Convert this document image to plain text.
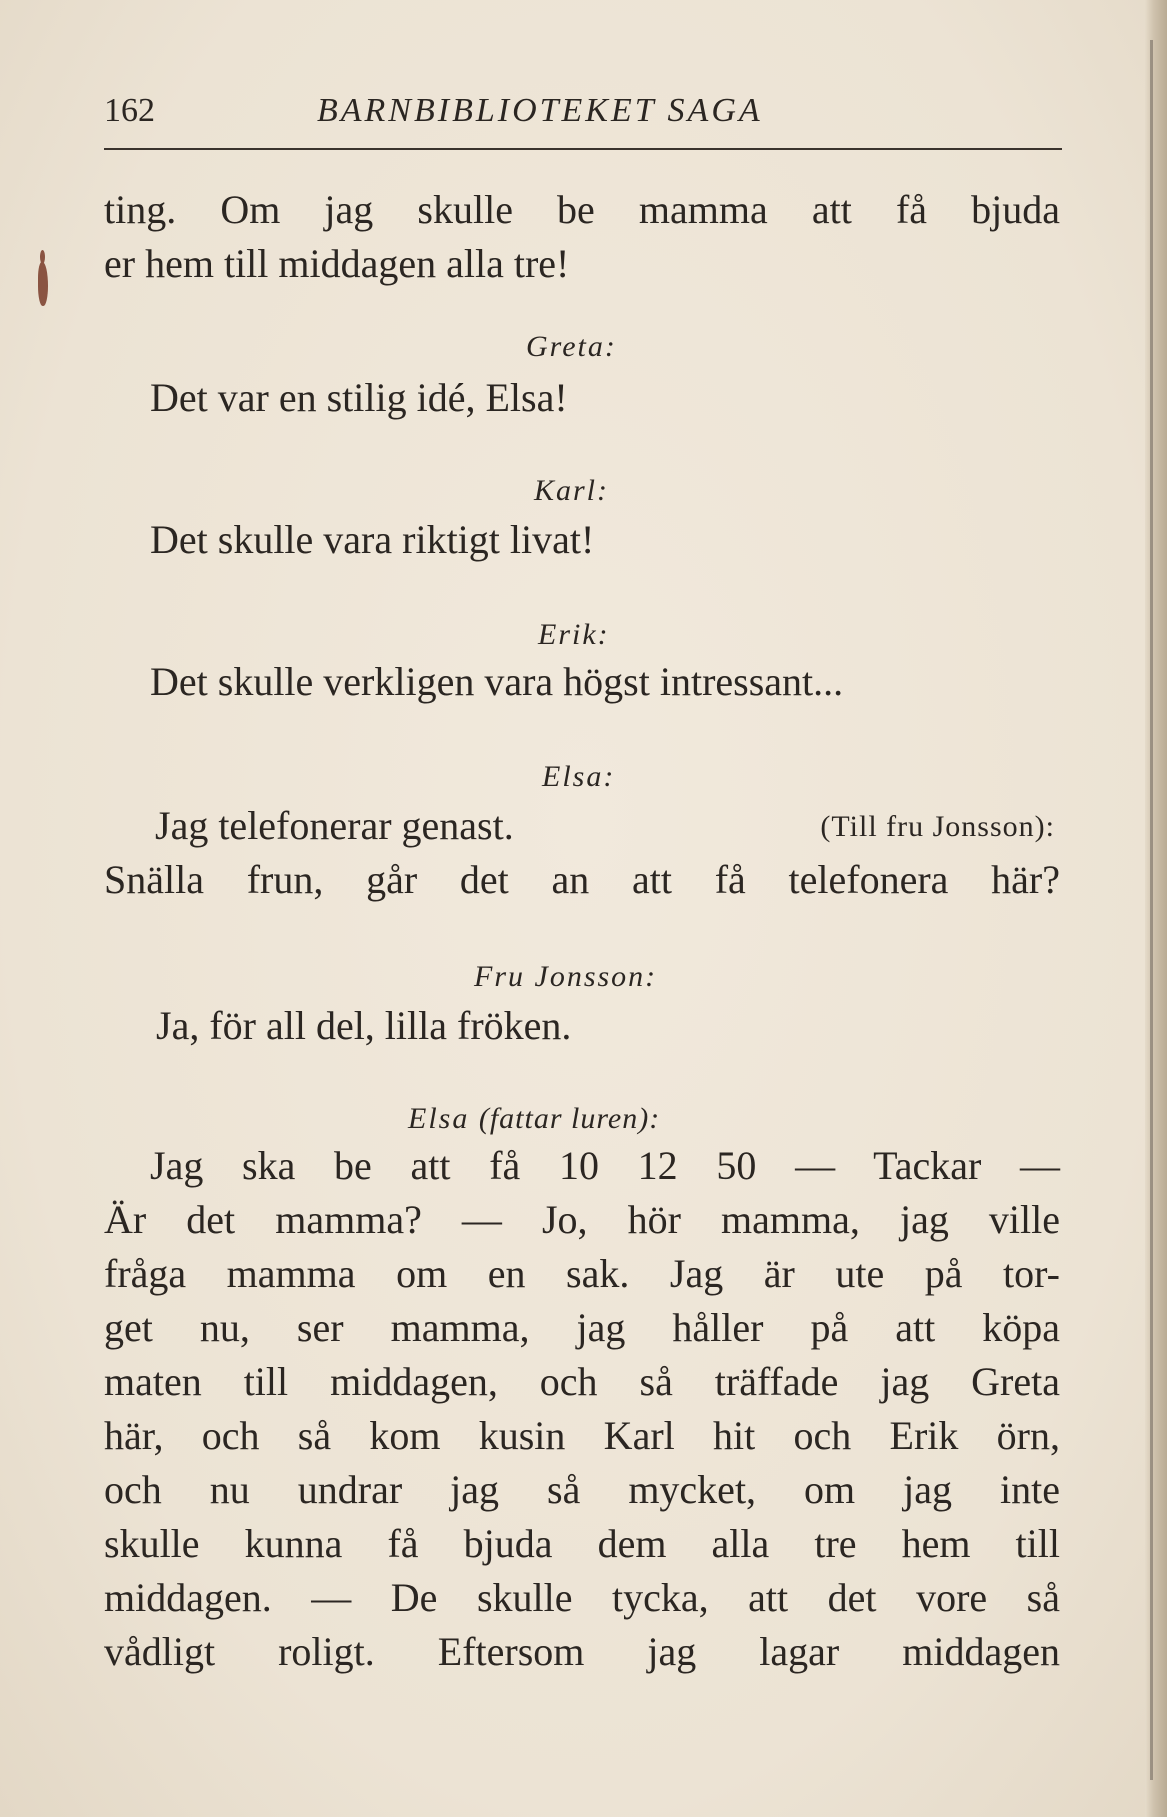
162	BARNBIBLIOTEKET SAGA
ting. Om jag skulle be mamma att få bjuda
er hem till middagen alla tre!
Greta:
Det var en stilig idé, Elsa!
Karl:
Det skulle vara riktigt livat!
Erik:
Det skulle verkligen vara högst intressant...
Elsa:
Jag telefonerar genast.	(Till fru Jonsson):
Snälla frun, går det an att få telefonera här?
Fru Jonsson:
Ja, för all del, lilla fröken.
Elsa (fattar luren):
Jag ska be att få 10 12 50 — Tackar —
Är det mamma? — Jo, hör mamma, jag ville
fråga mamma om en sak. Jag är ute på tor-
get nu, ser mamma, jag håller på att köpa
maten till middagen, och så träffade jag Greta
här, och så kom kusin Karl hit och Erik örn,
och nu undrar jag så mycket, om jag inte
skulle kunna få bjuda dem alla tre hem till
middagen. — De skulle tycka, att det vore så
vådligt roligt. Eftersom jag lagar middagen
